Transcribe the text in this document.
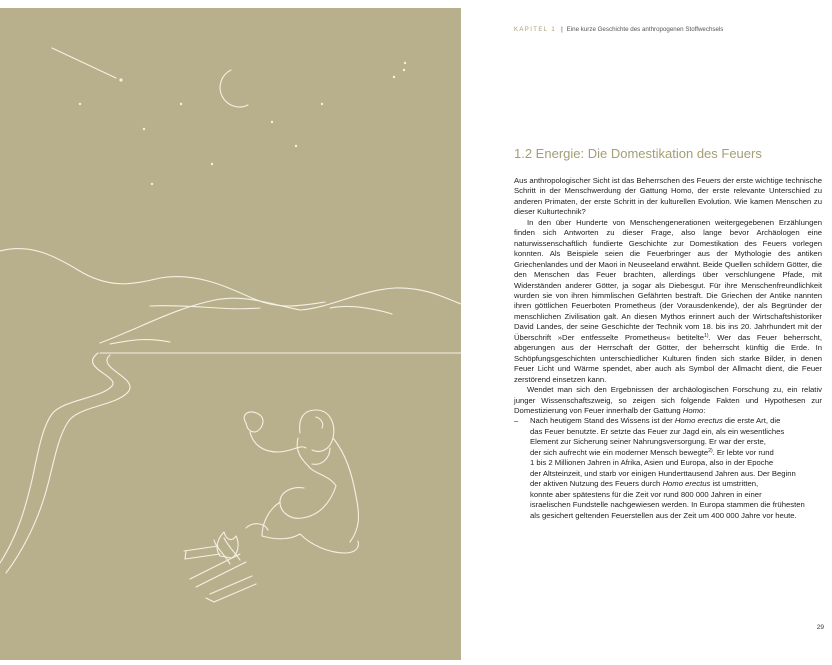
KAPITEL 1 | Eine kurze Geschichte des anthropogenen Stoffwechsels
1.2 Energie: Die Domestikation des Feuers

Aus anthropologischer Sicht ist das Beherrschen des Feuers der erste wichtige technische Schritt in der Menschwerdung der Gattung Homo, der erste relevante Unterschied zu anderen Primaten, der erste Schritt in der kulturellen Evolution. Wie kamen Menschen zu dieser Kulturtechnik?

In den über Hunderte von Menschengenerationen weitergegebenen Erzählungen finden sich Antworten zu dieser Frage, also lange bevor Archäologen eine naturwissenschaftlich fundierte Geschichte zur Domestikation des Feuers vorlegen konnten. Als Beispiele seien die Feuerbringer aus der Mythologie des antiken Griechenlandes und der Maori in Neuseeland erwähnt. Beide Quellen schildern Götter, die den Menschen das Feuer brachten, allerdings über verschlungene Pfade, mit Widerständen anderer Götter, ja sogar als Diebesgut. Für ihre Menschenfreundlichkeit wurden sie von ihren himmlischen Gefährten bestraft. Die Griechen der Antike nannten ihren göttlichen Feuerboten Prometheus (der Vorausdenkende), der als Begründer der menschlichen Zivilisation galt. An diesen Mythos erinnert auch der Wirtschaftshistoriker David Landes, der seine Geschichte der Technik vom 18. bis ins 20. Jahrhundert mit der Überschrift »Der entfesselte Prometheus« betitelte$^{1)}$. Wer das Feuer beherrscht, abgerungen aus der Herrschaft der Götter, der beherrscht künftig die Erde. In Schöpfungsgeschichten unterschiedlicher Kulturen finden sich starke Bilder, in denen Feuer Licht und Wärme spendet, aber auch als Symbol der Allmacht dient, die Feuer zerstörend einsetzen kann.

Wendet man sich den Ergebnissen der archäologischen Forschung zu, ein relativ junger Wissenschaftszweig, so zeigen sich folgende Fakten und Hypothesen zur Domestizierung von Feuer innerhalb der Gattung Homo:

– Nach heutigem Stand des Wissens ist der Homo erectus die erste Art, die
das Feuer benutzte. Er setzte das Feuer zur Jagd ein, als ein wesentliches
Element zur Sicherung seiner Nahrungsversorgung. Er war der erste,
der sich aufrecht wie ein moderner Mensch bewegte$^{2)}$. Er lebte vor rund
1 bis 2 Millionen Jahren in Afrika, Asien und Europa, also in der Epoche
der Altsteinzeit, und starb vor einigen Hunderttausend Jahren aus. Der Beginn
der aktiven Nutzung des Feuers durch Homo erectus ist umstritten,
konnte aber spätestens für die Zeit vor rund 800 000 Jahren in einer
israelischen Fundstelle nachgewiesen werden. In Europa stammen die frühesten
als gesichert geltenden Feuerstellen aus der Zeit um 400 000 Jahre vor heute.
29
